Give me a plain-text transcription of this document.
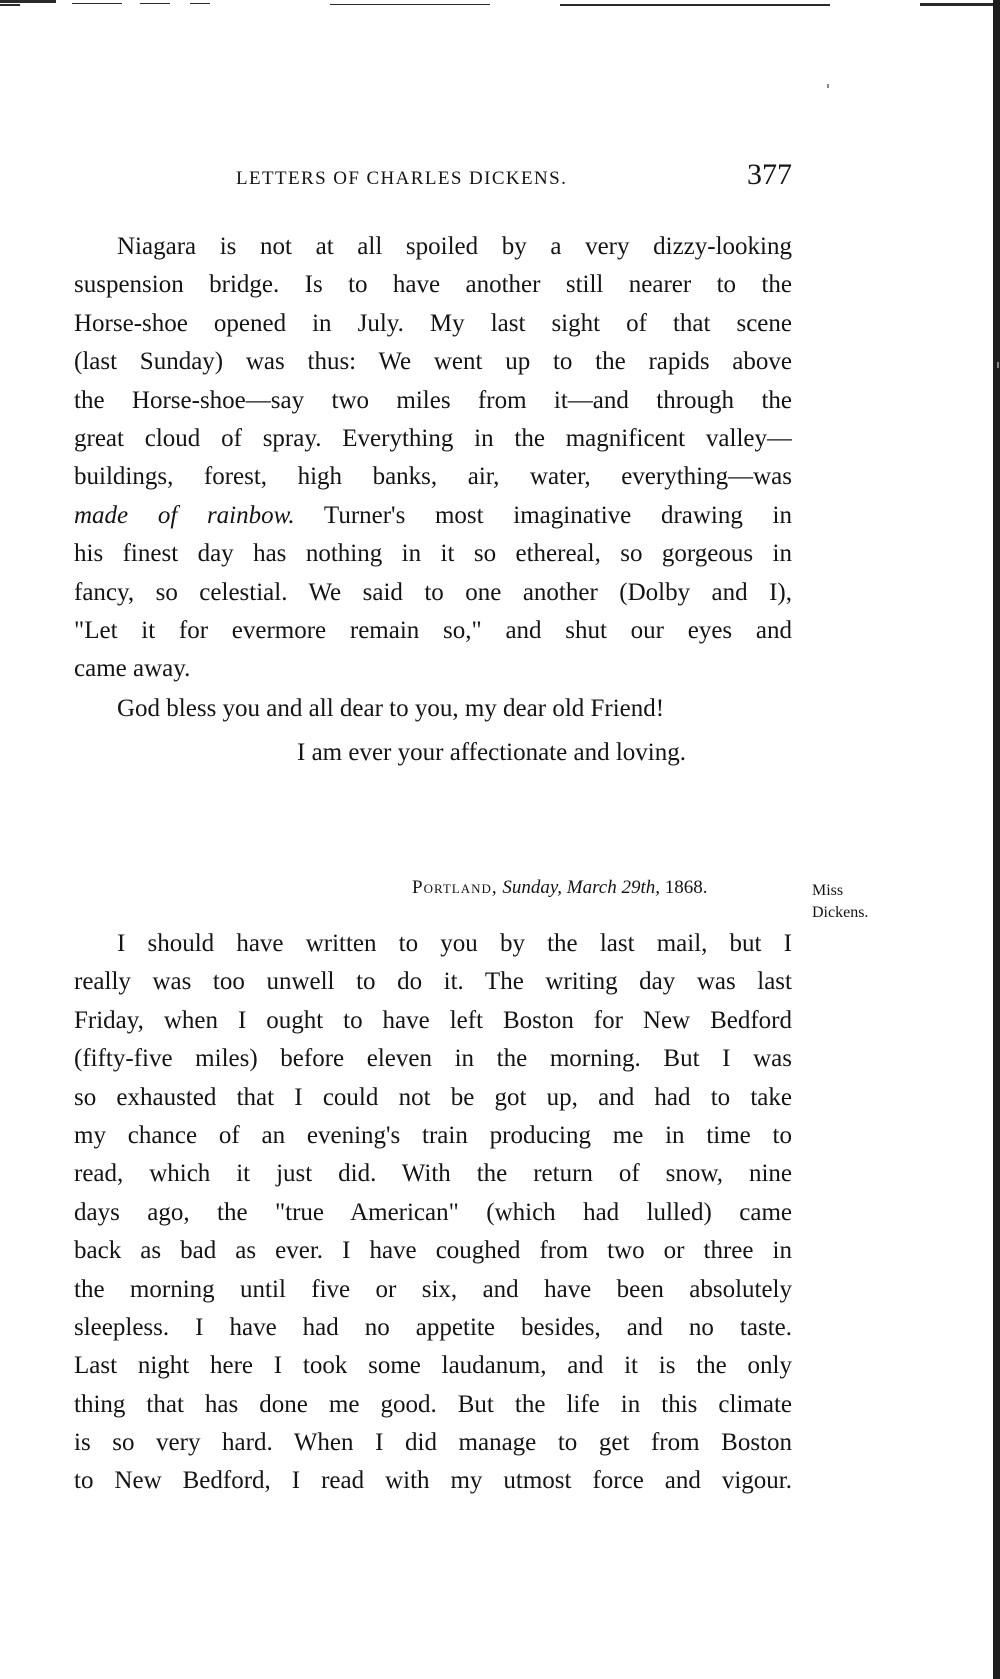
LETTERS OF CHARLES DICKENS.	377
Niagara is not at all spoiled by a very dizzy-looking
suspension bridge. Is to have another still nearer to the
Horse-shoe opened in July. My last sight of that scene
(last Sunday) was thus: We went up to the rapids above
the Horse-shoe—say two miles from it—and through the
great cloud of spray. Everything in the magnificent valley—
buildings, forest, high banks, air, water, everything—was
made of rainbow. Turner's most imaginative drawing in
his finest day has nothing in it so ethereal, so gorgeous in
fancy, so celestial. We said to one another (Dolby and I),
"Let it for evermore remain so," and shut our eyes and
came away.
God bless you and all dear to you, my dear old Friend!
I am ever your affectionate and loving.
Portland, Sunday, March 29th, 1868.	Miss
Dickens.
I should have written to you by the last mail, but I
really was too unwell to do it. The writing day was last
Friday, when I ought to have left Boston for New Bedford
(fifty-five miles) before eleven in the morning. But I was
so exhausted that I could not be got up, and had to take
my chance of an evening's train producing me in time to
read, which it just did. With the return of snow, nine
days ago, the "true American" (which had lulled) came
back as bad as ever. I have coughed from two or three in
the morning until five or six, and have been absolutely
sleepless. I have had no appetite besides, and no taste.
Last night here I took some laudanum, and it is the only
thing that has done me good. But the life in this climate
is so very hard. When I did manage to get from Boston
to New Bedford, I read with my utmost force and vigour.
